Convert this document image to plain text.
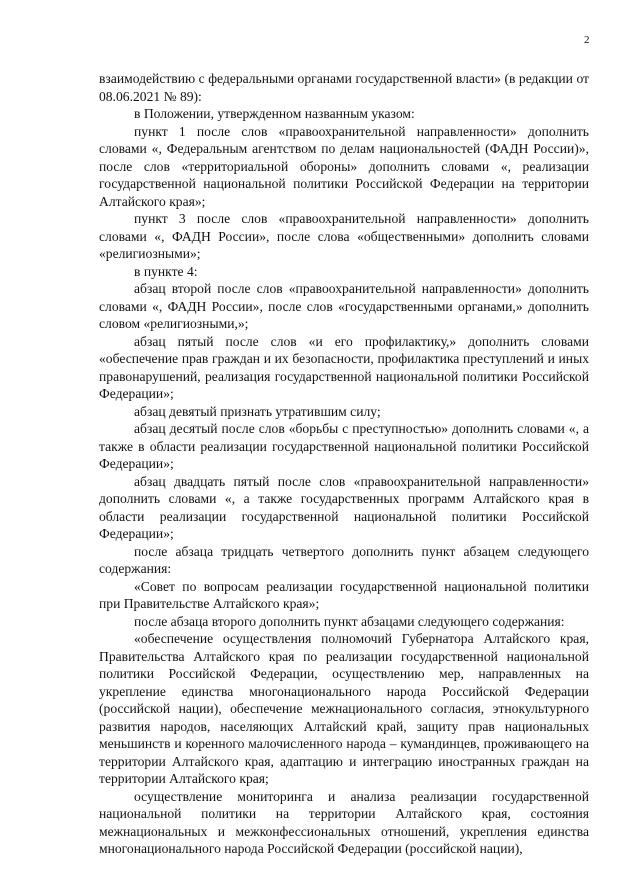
2

взаимодействию с федеральными органами государственной власти» (в редакции от 08.06.2021 № 89):

в Положении, утвержденном названным указом:

пункт 1 после слов «правоохранительной направленности» дополнить словами «, Федеральным агентством по делам национальностей (ФАДН России)», после слов «территориальной обороны» дополнить словами «, реализации государственной национальной политики Российской Федерации на территории Алтайского края»;

пункт 3 после слов «правоохранительной направленности» дополнить словами «, ФАДН России», после слова «общественными» дополнить словами «религиозными»;

в пункте 4:

абзац второй после слов «правоохранительной направленности» дополнить словами «, ФАДН России», после слов «государственными органами,» дополнить словом «религиозными,»;

абзац пятый после слов «и его профилактику,» дополнить словами «обеспечение прав граждан и их безопасности, профилактика преступлений и иных правонарушений, реализация государственной национальной политики Российской Федерации»;

абзац девятый признать утратившим силу;

абзац десятый после слов «борьбы с преступностью» дополнить словами «, а также в области реализации государственной национальной политики Российской Федерации»;

абзац двадцать пятый после слов «правоохранительной направленности» дополнить словами «, а также государственных программ Алтайского края в области реализации государственной национальной политики Российской Федерации»;

после абзаца тридцать четвертого дополнить пункт абзацем следующего содержания:

«Совет по вопросам реализации государственной национальной политики при Правительстве Алтайского края»;

после абзаца второго дополнить пункт абзацами следующего содержания:

«обеспечение осуществления полномочий Губернатора Алтайского края, Правительства Алтайского края по реализации государственной национальной политики Российской Федерации, осуществлению мер, направленных на укрепление единства многонационального народа Российской Федерации (российской нации), обеспечение межнационального согласия, этнокультурного развития народов, населяющих Алтайский край, защиту прав национальных меньшинств и коренного малочисленного народа – кумандинцев, проживающего на территории Алтайского края, адаптацию и интеграцию иностранных граждан на территории Алтайского края;

осуществление мониторинга и анализа реализации государственной национальной политики на территории Алтайского края, состояния межнациональных и межконфессиональных отношений, укрепления единства многонационального народа Российской Федерации (российской нации),
